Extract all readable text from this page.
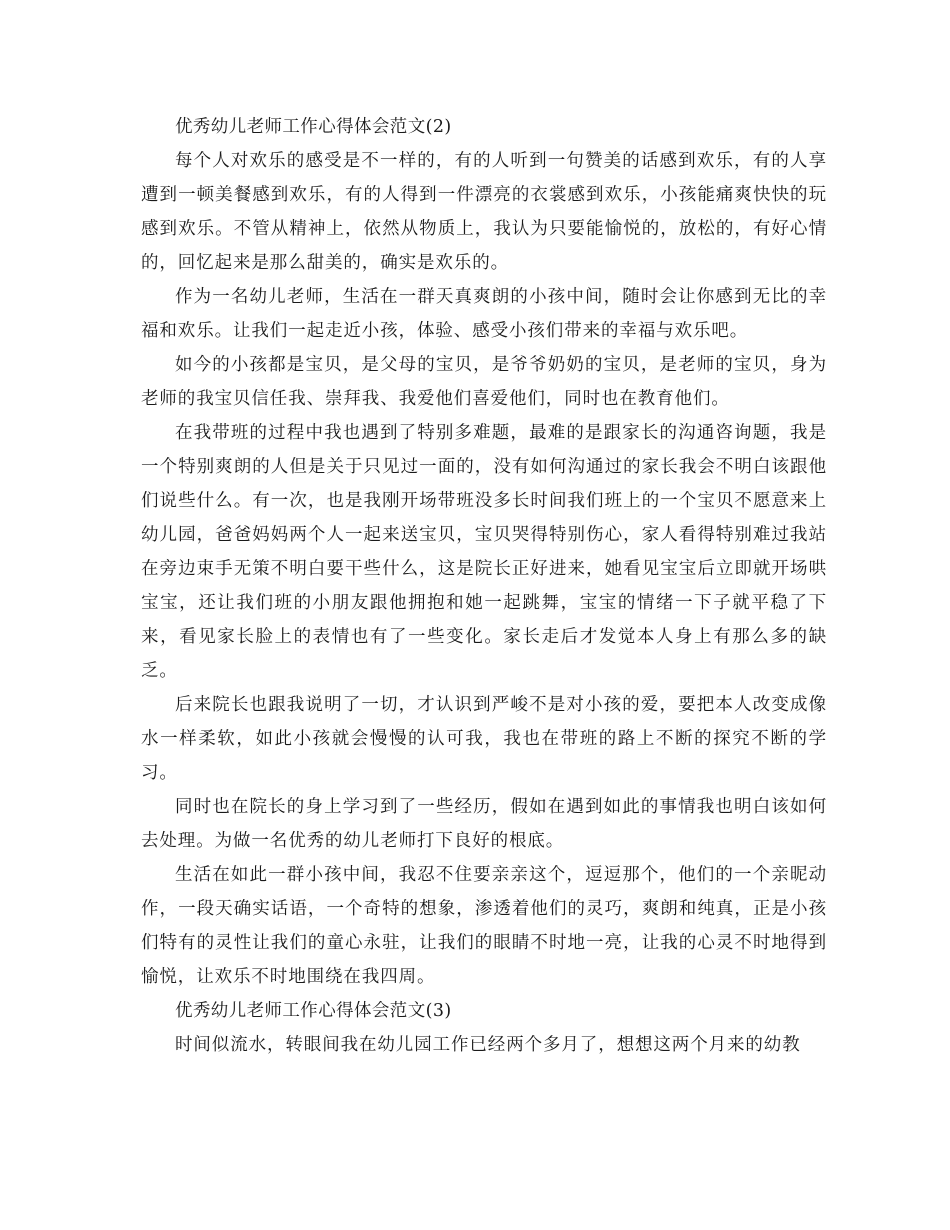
优秀幼儿老师工作心得体会范文(2)

每个人对欢乐的感受是不一样的，有的人听到一句赞美的话感到欢乐，有的人享遭到一顿美餐感到欢乐，有的人得到一件漂亮的衣裳感到欢乐，小孩能痛爽快快的玩感到欢乐。不管从精神上，依然从物质上，我认为只要能愉悦的，放松的，有好心情的，回忆起来是那么甜美的，确实是欢乐的。

作为一名幼儿老师，生活在一群天真爽朗的小孩中间，随时会让你感到无比的幸福和欢乐。让我们一起走近小孩，体验、感受小孩们带来的幸福与欢乐吧。

如今的小孩都是宝贝，是父母的宝贝，是爷爷奶奶的宝贝，是老师的宝贝，身为老师的我宝贝信任我、崇拜我、我爱他们喜爱他们，同时也在教育他们。

在我带班的过程中我也遇到了特别多难题，最难的是跟家长的沟通咨询题，我是一个特别爽朗的人但是关于只见过一面的，没有如何沟通过的家长我会不明白该跟他们说些什么。有一次，也是我刚开场带班没多长时间我们班上的一个宝贝不愿意来上幼儿园，爸爸妈妈两个人一起来送宝贝，宝贝哭得特别伤心，家人看得特别难过我站在旁边束手无策不明白要干些什么，这是院长正好进来，她看见宝宝后立即就开场哄宝宝，还让我们班的小朋友跟他拥抱和她一起跳舞，宝宝的情绪一下子就平稳了下来，看见家长脸上的表情也有了一些变化。家长走后才发觉本人身上有那么多的缺乏。

后来院长也跟我说明了一切，才认识到严峻不是对小孩的爱，要把本人改变成像水一样柔软，如此小孩就会慢慢的认可我，我也在带班的路上不断的探究不断的学习。

同时也在院长的身上学习到了一些经历，假如在遇到如此的事情我也明白该如何去处理。为做一名优秀的幼儿老师打下良好的根底。

生活在如此一群小孩中间，我忍不住要亲亲这个，逗逗那个，他们的一个亲昵动作，一段天确实话语，一个奇特的想象，渗透着他们的灵巧，爽朗和纯真，正是小孩们特有的灵性让我们的童心永驻，让我们的眼睛不时地一亮，让我的心灵不时地得到愉悦，让欢乐不时地围绕在我四周。

优秀幼儿老师工作心得体会范文(3)

时间似流水，转眼间我在幼儿园工作已经两个多月了，想想这两个月来的幼教
